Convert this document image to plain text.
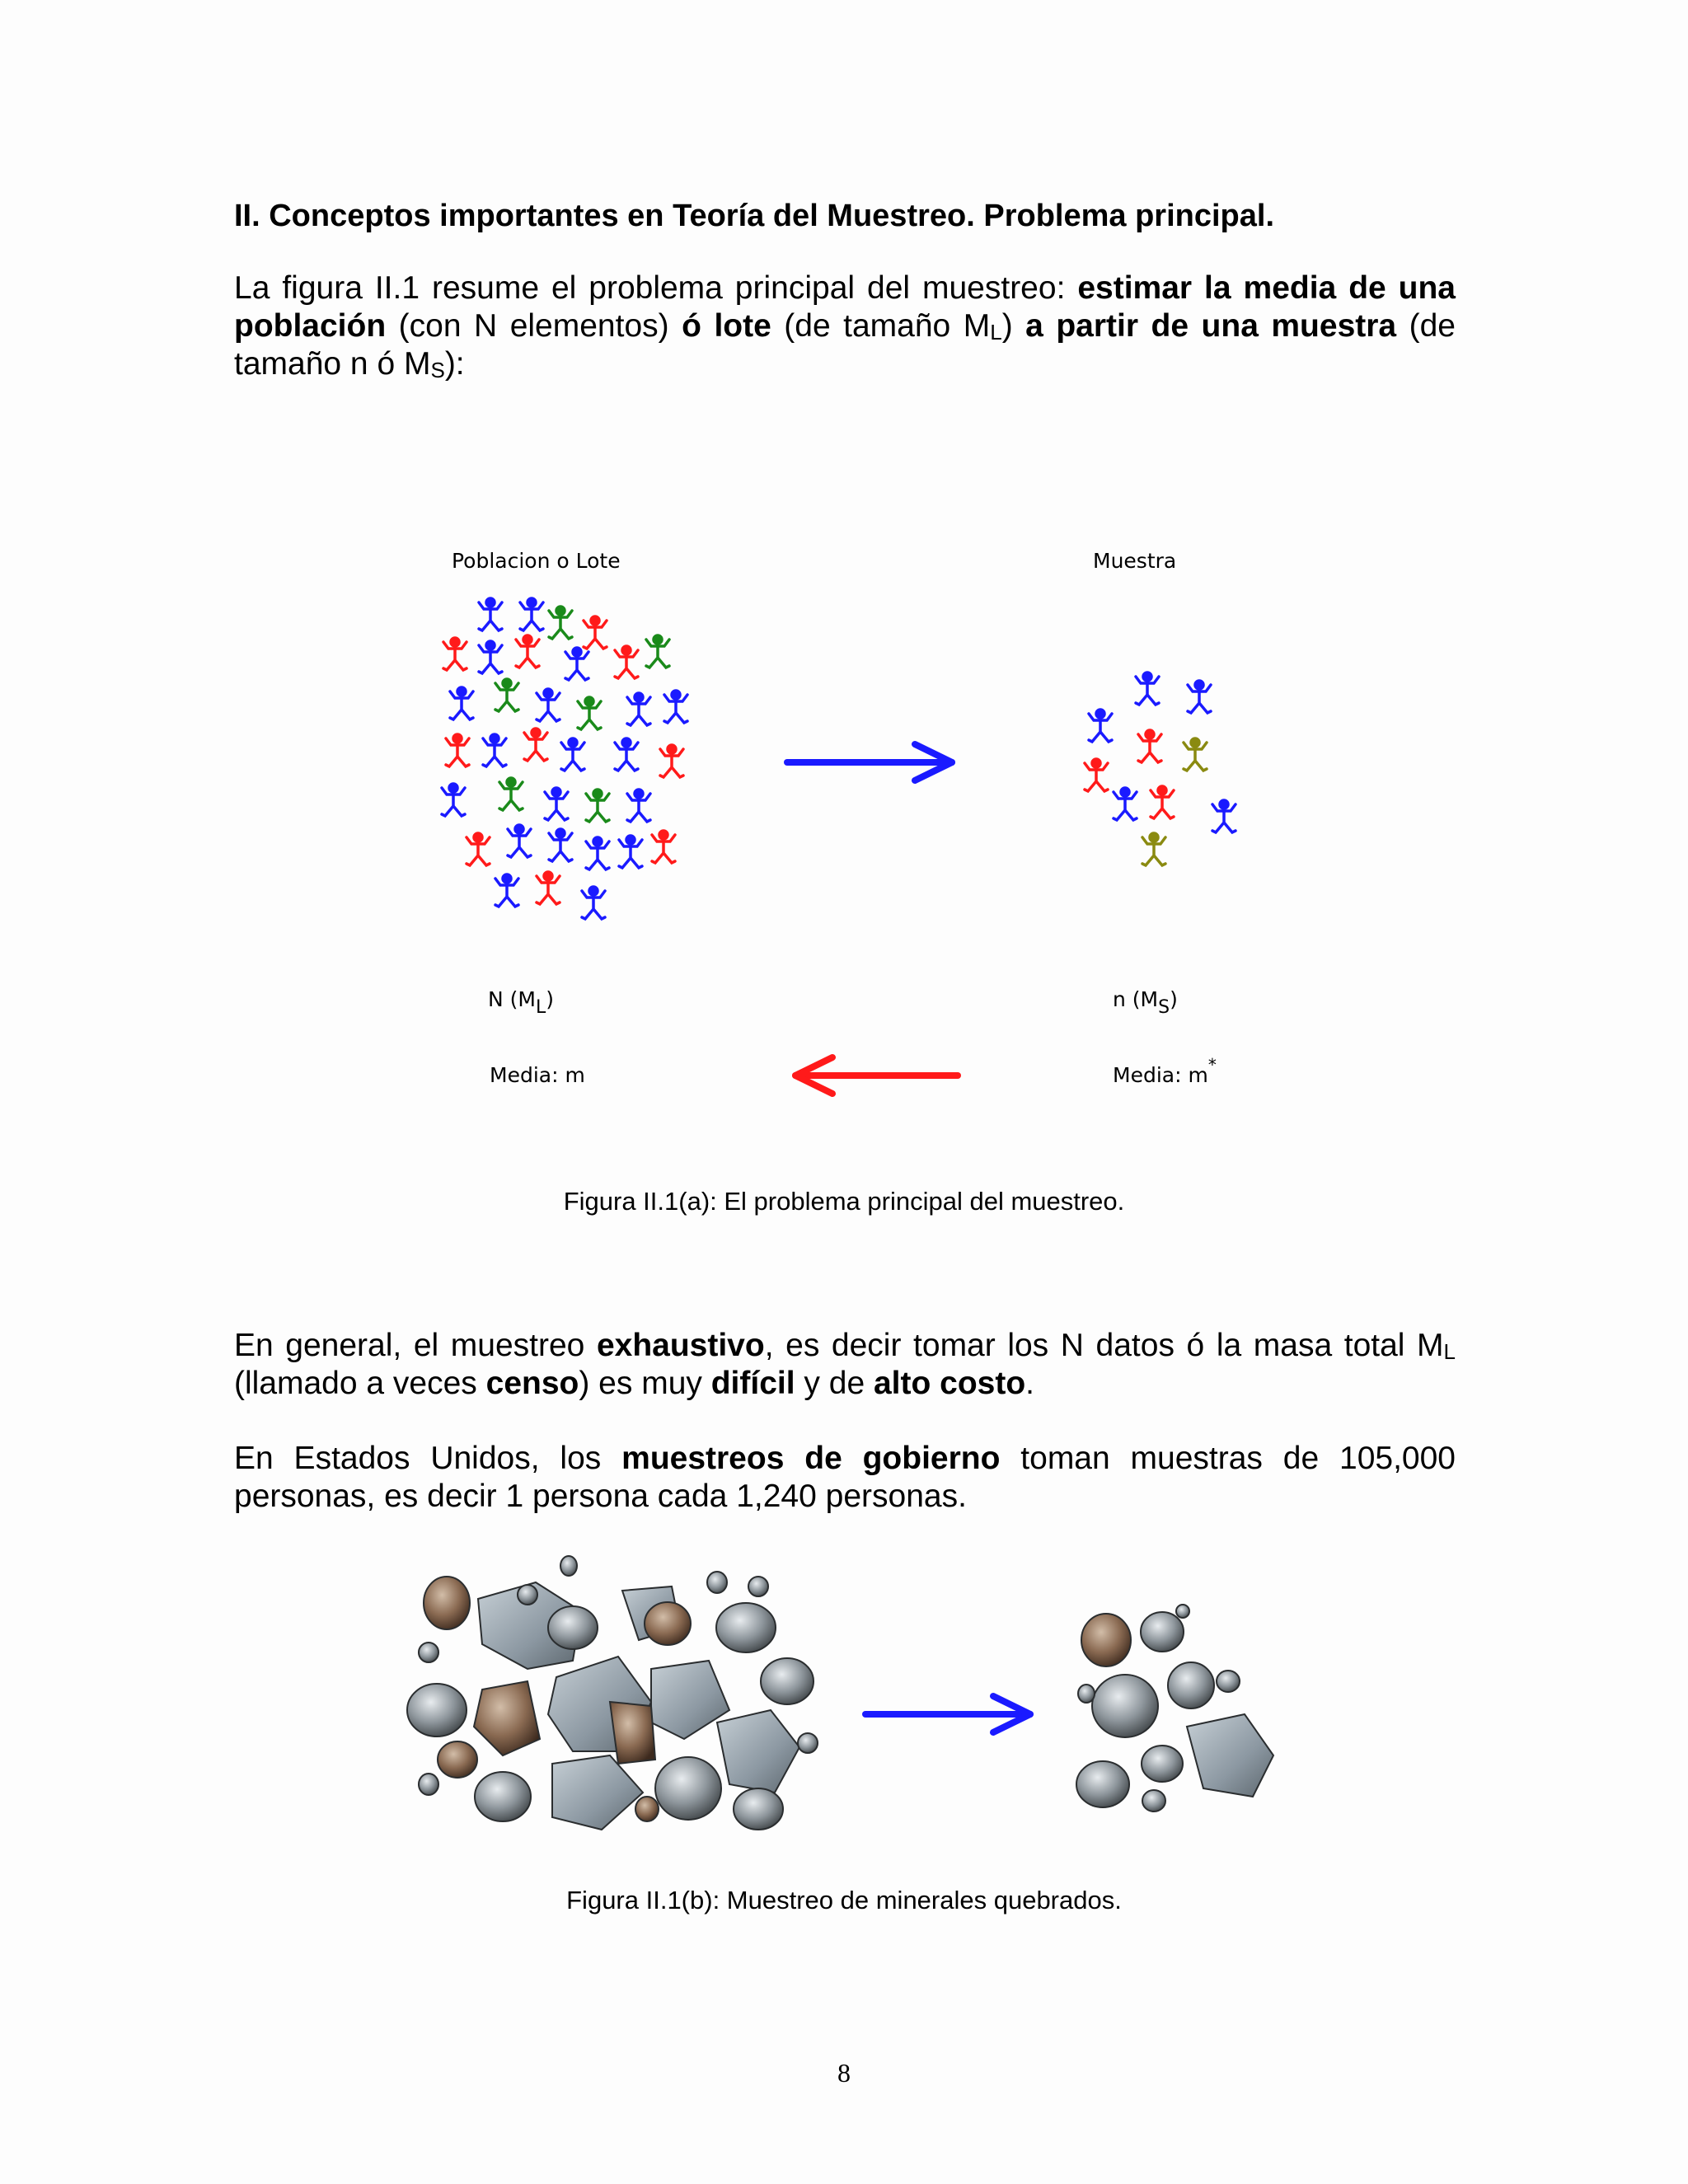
II. Conceptos importantes en Teoría del Muestreo. Problema principal.
La figura II.1 resume el problema principal del muestreo: estimar la media de una población (con N elementos) ó lote (de tamaño $M_L$) a partir de una muestra (de tamaño n ó $M_S$):
Poblacion o Lote	Muestra
N $(M_L)$	n $(M_S)$
Media: m	Media: m*
Figura II.1(a): El problema principal del muestreo.
En general, el muestreo exhaustivo, es decir tomar los N datos ó la masa total $M_L$ (llamado a veces censo) es muy difícil y de alto costo.
En Estados Unidos, los muestreos de gobierno toman muestras de 105,000 personas, es decir 1 persona cada 1,240 personas.
Figura II.1(b): Muestreo de minerales quebrados.
8
